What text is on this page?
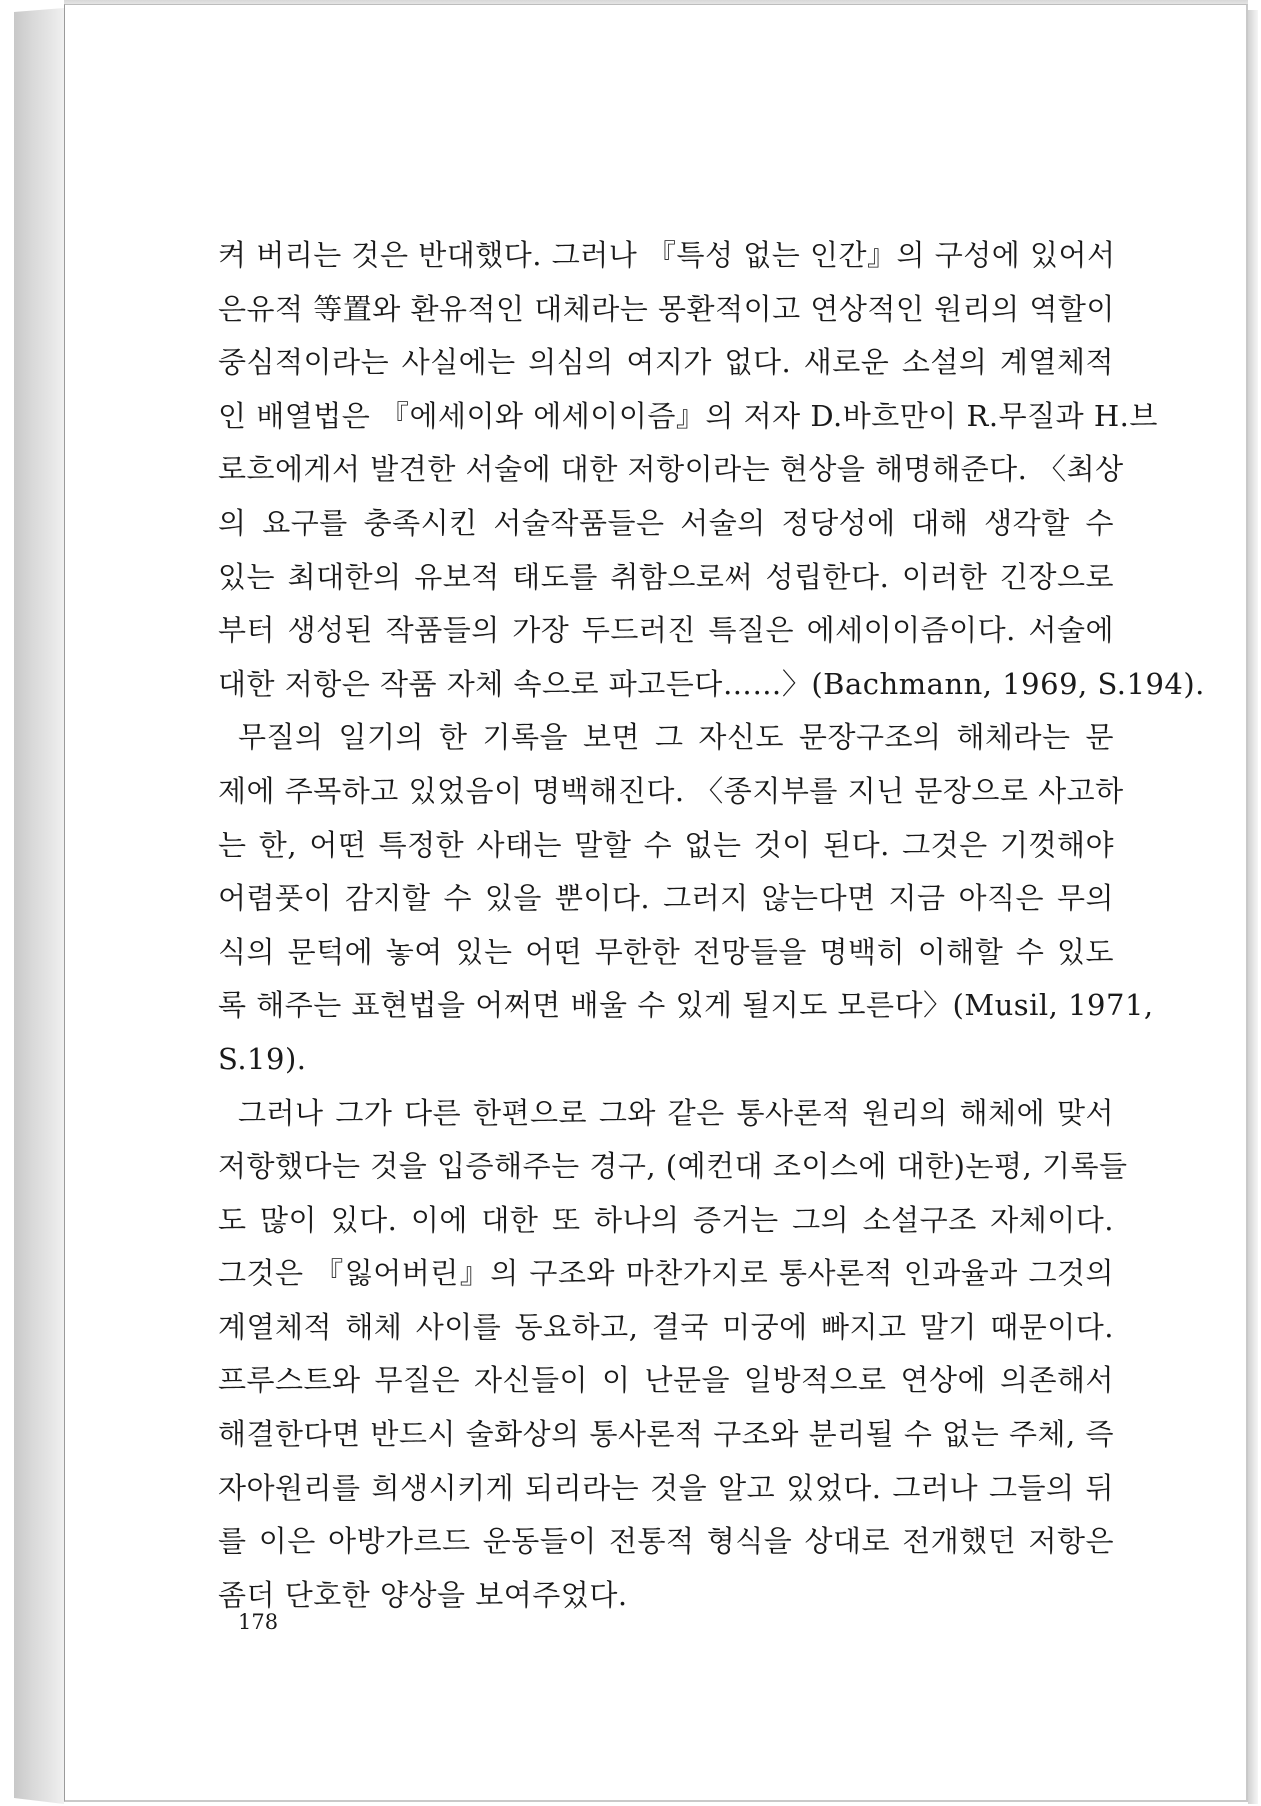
켜 버리는 것은 반대했다. 그러나 『특성 없는 인간』의 구성에 있어서
은유적 等置와 환유적인 대체라는 몽환적이고 연상적인 원리의 역할이
중심적이라는 사실에는 의심의 여지가 없다. 새로운 소설의 계열체적
인 배열법은 『에세이와 에세이이즘』의 저자 D.바흐만이 R.무질과 H.브
로흐에게서 발견한 서술에 대한 저항이라는 현상을 해명해준다. 〈최상
의 요구를 충족시킨 서술작품들은 서술의 정당성에 대해 생각할 수
있는 최대한의 유보적 태도를 취함으로써 성립한다. 이러한 긴장으로
부터 생성된 작품들의 가장 두드러진 특질은 에세이이즘이다. 서술에
대한 저항은 작품 자체 속으로 파고든다……〉(Bachmann, 1969, S.194).
무질의 일기의 한 기록을 보면 그 자신도 문장구조의 해체라는 문
제에 주목하고 있었음이 명백해진다. 〈종지부를 지닌 문장으로 사고하
는 한, 어떤 특정한 사태는 말할 수 없는 것이 된다. 그것은 기껏해야
어렴풋이 감지할 수 있을 뿐이다. 그러지 않는다면 지금 아직은 무의
식의 문턱에 놓여 있는 어떤 무한한 전망들을 명백히 이해할 수 있도
록 해주는 표현법을 어쩌면 배울 수 있게 될지도 모른다〉(Musil, 1971,
S.19).
그러나 그가 다른 한편으로 그와 같은 통사론적 원리의 해체에 맞서
저항했다는 것을 입증해주는 경구, (예컨대 조이스에 대한)논평, 기록들
도 많이 있다. 이에 대한 또 하나의 증거는 그의 소설구조 자체이다.
그것은 『잃어버린』의 구조와 마찬가지로 통사론적 인과율과 그것의
계열체적 해체 사이를 동요하고, 결국 미궁에 빠지고 말기 때문이다.
프루스트와 무질은 자신들이 이 난문을 일방적으로 연상에 의존해서
해결한다면 반드시 술화상의 통사론적 구조와 분리될 수 없는 주체, 즉
자아원리를 희생시키게 되리라는 것을 알고 있었다. 그러나 그들의 뒤
를 이은 아방가르드 운동들이 전통적 형식을 상대로 전개했던 저항은
좀더 단호한 양상을 보여주었다.
178
